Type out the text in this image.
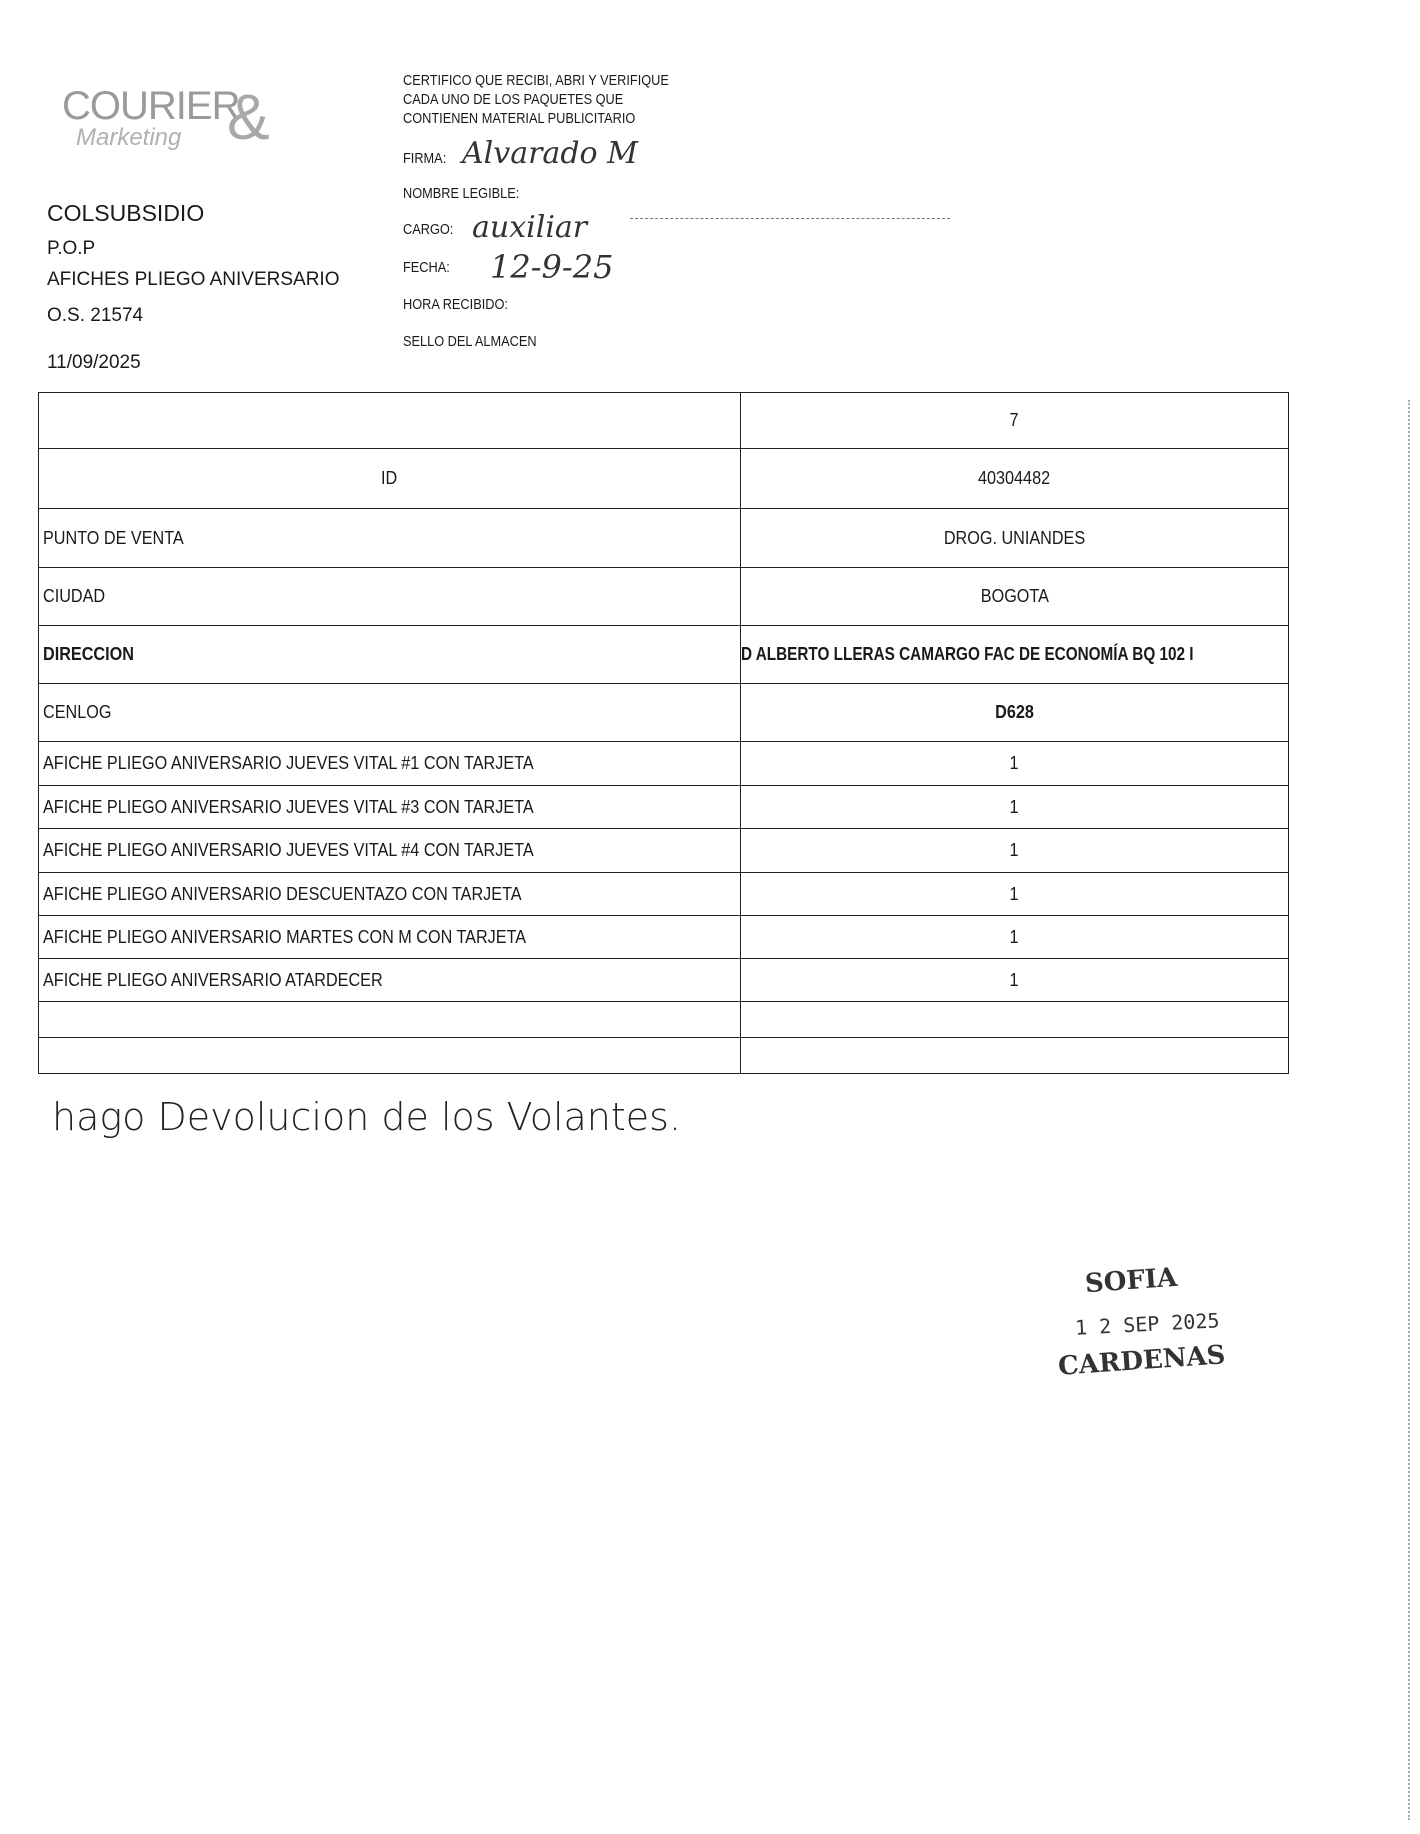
COURIER
Marketing &
COLSUBSIDIO
P.O.P
AFICHES PLIEGO ANIVERSARIO
O.S. 21574
11/09/2025
CERTIFICO QUE RECIBI, ABRI Y VERIFIQUE
CADA UNO DE LOS PAQUETES QUE
CONTIENEN MATERIAL PUBLICITARIO
FIRMA: Alvarado M
NOMBRE LEGIBLE:
CARGO: auxiliar
FECHA: 12-9-25
HORA RECIBIDO:
SELLO DEL ALMACEN
	7
ID	40304482
PUNTO DE VENTA	DROG. UNIANDES
CIUDAD	BOGOTA
DIRECCION	D ALBERTO LLERAS CAMARGO FAC DE ECONOMÍA BQ 102 I
CENLOG	D628
AFICHE PLIEGO ANIVERSARIO JUEVES VITAL #1 CON TARJETA	1
AFICHE PLIEGO ANIVERSARIO JUEVES VITAL #3 CON TARJETA	1
AFICHE PLIEGO ANIVERSARIO JUEVES VITAL #4 CON TARJETA	1
AFICHE PLIEGO ANIVERSARIO DESCUENTAZO CON TARJETA	1
AFICHE PLIEGO ANIVERSARIO MARTES CON M CON TARJETA	1
AFICHE PLIEGO ANIVERSARIO ATARDECER	1

hago Devolucion de los Volantes.
SOFIA
1 2 SEP 2025
CARDENAS
